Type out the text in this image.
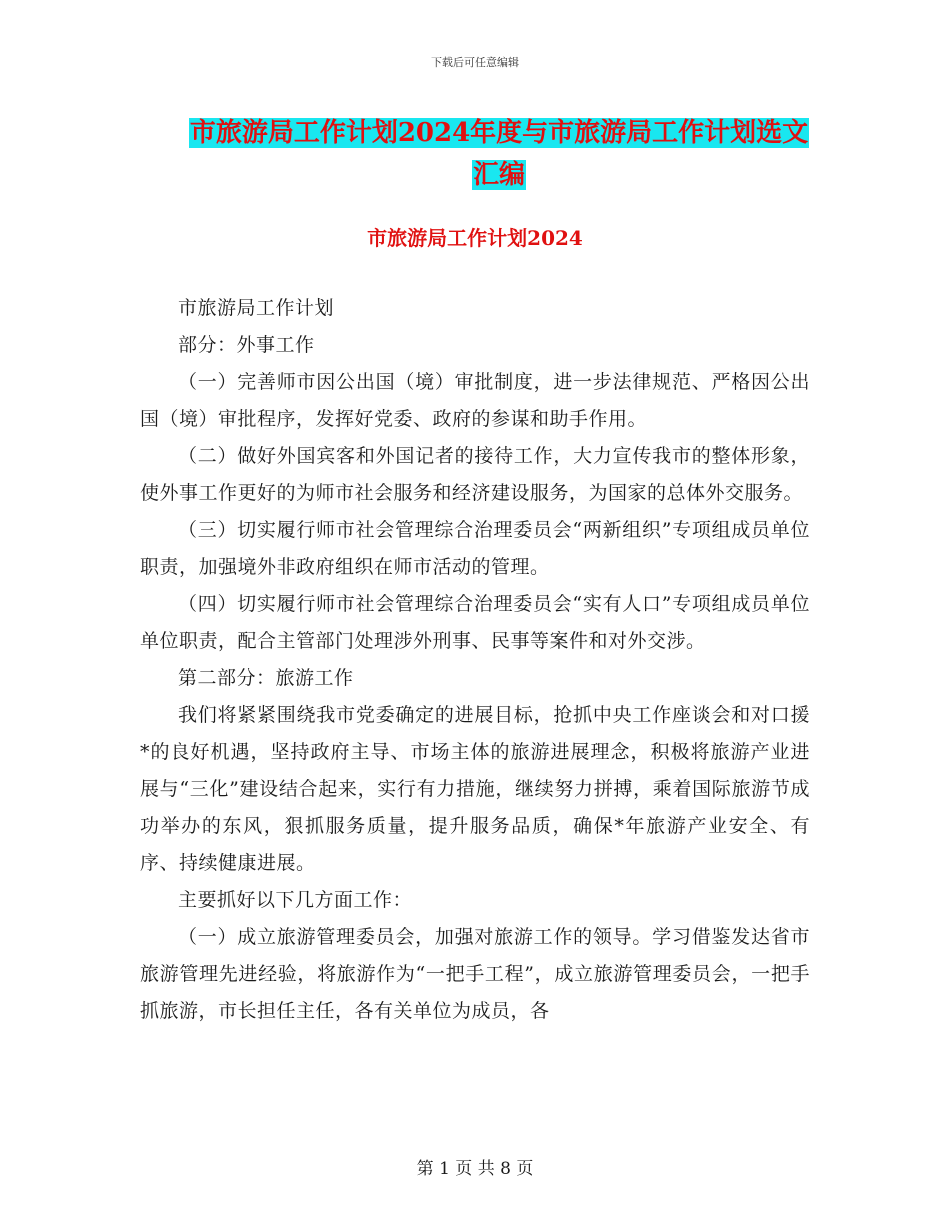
下载后可任意编辑
市旅游局工作计划2024年度与市旅游局工作计划选文
汇编
市旅游局工作计划2024

市旅游局工作计划

部分：外事工作

（一）完善师市因公出国（境）审批制度，进一步法律规范、严格因公出国（境）审批程序，发挥好党委、政府的参谋和助手作用。

（二）做好外国宾客和外国记者的接待工作，大力宣传我市的整体形象，使外事工作更好的为师市社会服务和经济建设服务，为国家的总体外交服务。

（三）切实履行师市社会管理综合治理委员会“两新组织”专项组成员单位职责，加强境外非政府组织在师市活动的管理。

（四）切实履行师市社会管理综合治理委员会“实有人口”专项组成员单位单位职责，配合主管部门处理涉外刑事、民事等案件和对外交涉。

第二部分：旅游工作

我们将紧紧围绕我市党委确定的进展目标，抢抓中央工作座谈会和对口援*的良好机遇，坚持政府主导、市场主体的旅游进展理念，积极将旅游产业进展与“三化”建设结合起来，实行有力措施，继续努力拼搏，乘着国际旅游节成功举办的东风，狠抓服务质量，提升服务品质，确保*年旅游产业安全、有序、持续健康进展。

主要抓好以下几方面工作：

（一）成立旅游管理委员会，加强对旅游工作的领导。学习借鉴发达省市旅游管理先进经验，将旅游作为“一把手工程”，成立旅游管理委员会，一把手抓旅游，市长担任主任，各有关单位为成员，各

第 1 页 共 8 页
